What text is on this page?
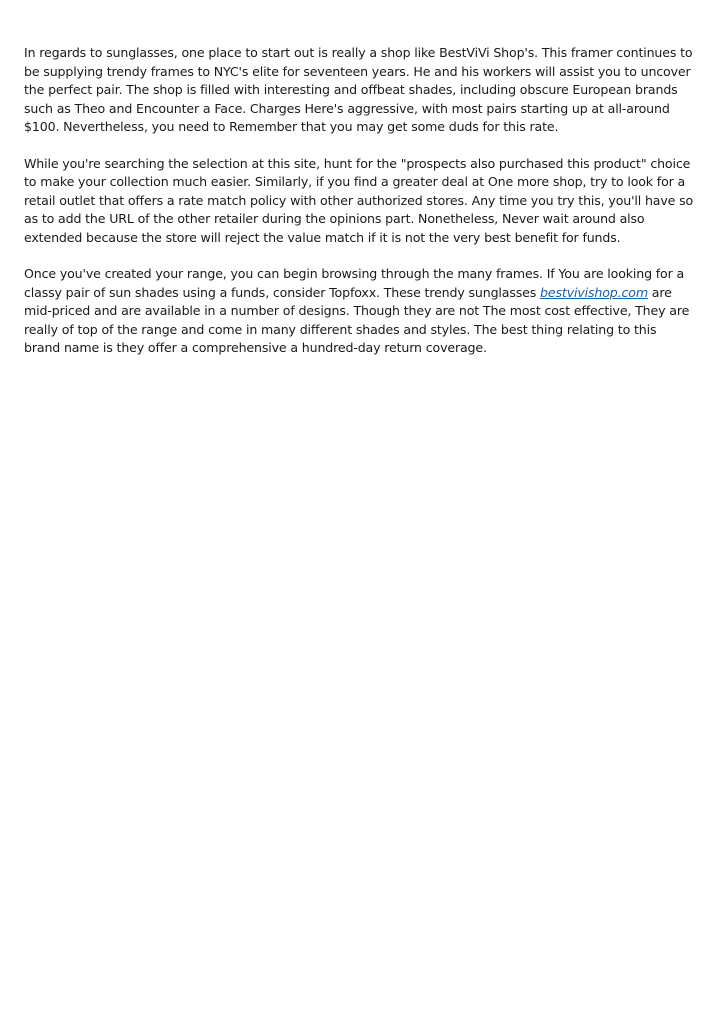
In regards to sunglasses, one place to start out is really a shop like BestViVi Shop's. This framer continues to be supplying trendy frames to NYC's elite for seventeen years. He and his workers will assist you to uncover the perfect pair. The shop is filled with interesting and offbeat shades, including obscure European brands such as Theo and Encounter a Face. Charges Here's aggressive, with most pairs starting up at all-around $100. Nevertheless, you need to Remember that you may get some duds for this rate.

While you're searching the selection at this site, hunt for the "prospects also purchased this product" choice to make your collection much easier. Similarly, if you find a greater deal at One more shop, try to look for a retail outlet that offers a rate match policy with other authorized stores. Any time you try this, you'll have so as to add the URL of the other retailer during the opinions part. Nonetheless, Never wait around also extended because the store will reject the value match if it is not the very best benefit for funds.

Once you've created your range, you can begin browsing through the many frames. If You are looking for a classy pair of sun shades using a funds, consider Topfoxx. These trendy sunglasses bestvivishop.com are mid-priced and are available in a number of designs. Though they are not The most cost effective, They are really of top of the range and come in many different shades and styles. The best thing relating to this brand name is they offer a comprehensive a hundred-day return coverage.
